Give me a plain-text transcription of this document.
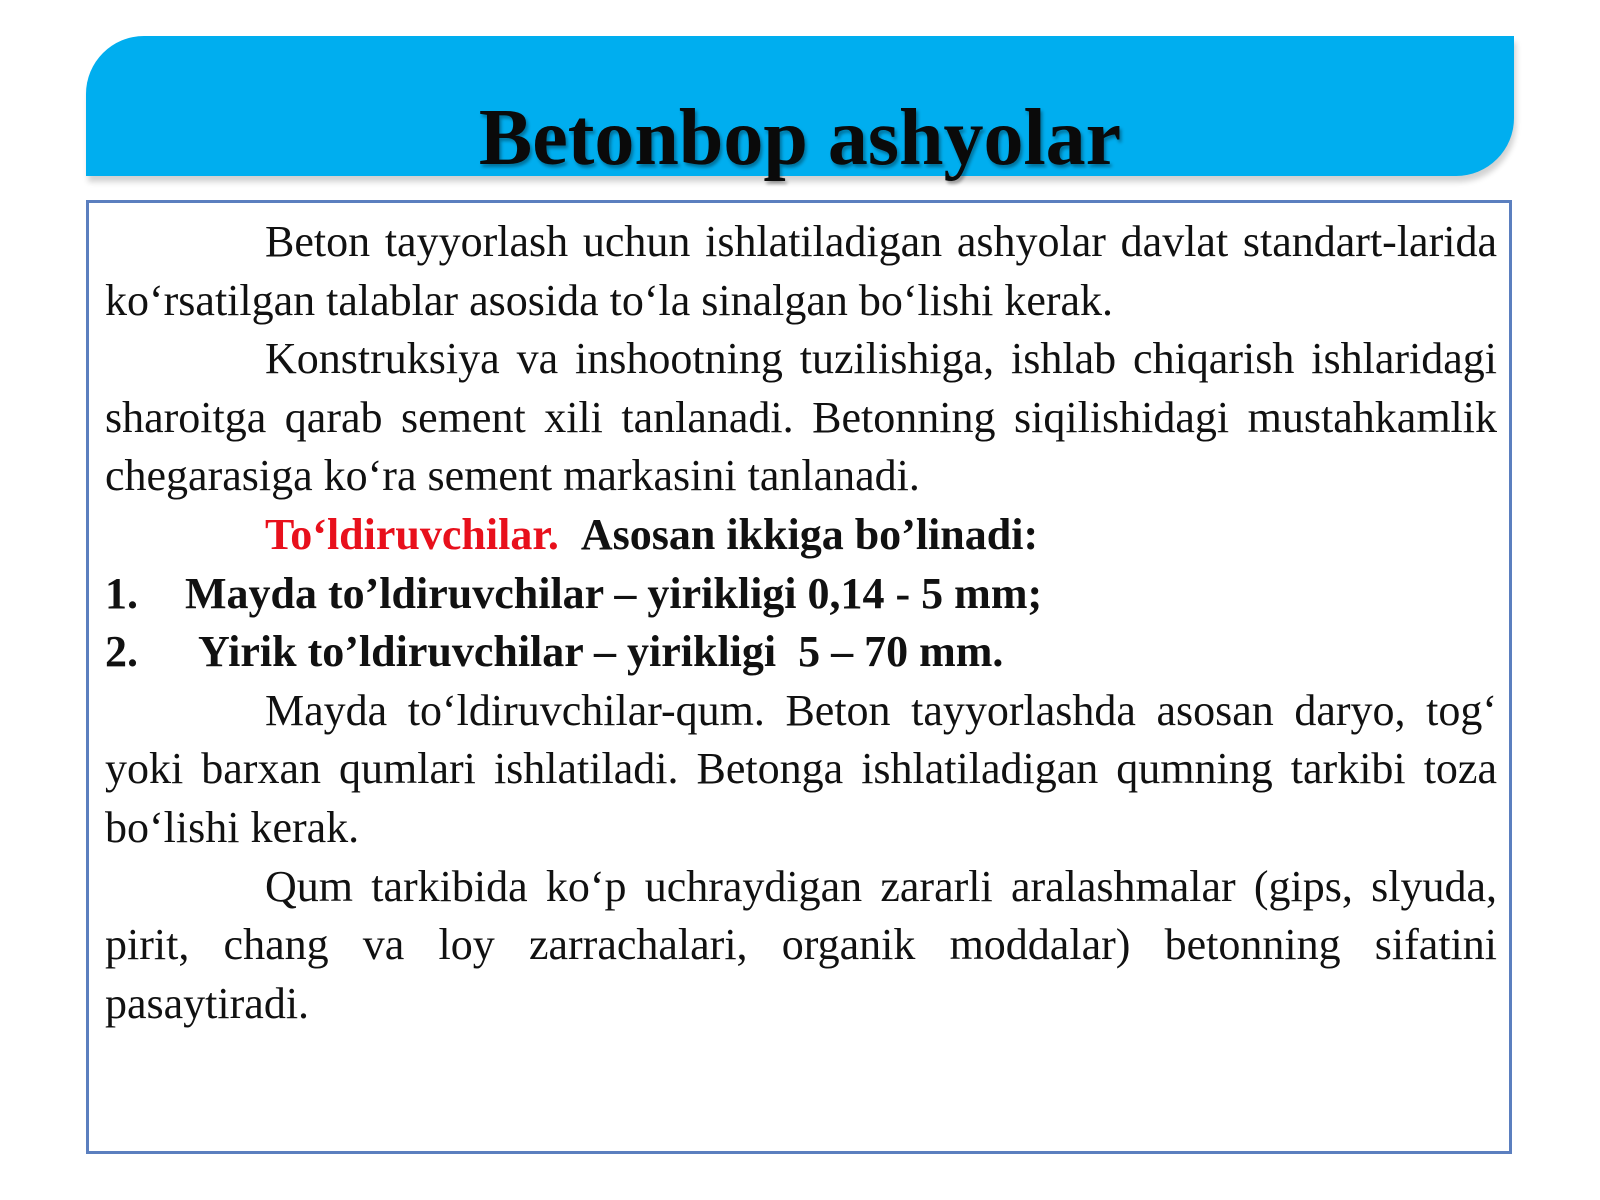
Betonbop ashyolar

Beton tayyorlash uchun ishlatiladigan ashyolar davlat standart-larida koʻrsatilgan talablar asosida toʻla sinalgan boʻlishi kerak.

Konstruksiya va inshootning tuzilishiga, ishlab chiqarish ishlaridagi sharoitga qarab sement xili tanlanadi. Betonning siqilishidagi mustahkamlik chegarasiga koʻra sement markasini tanlanadi.

Toʻldiruvchilar. Asosan ikkiga bo’linadi:

1.	Mayda to’ldiruvchilar – yirikligi 0,14 - 5 mm;

2.	Yirik to’ldiruvchilar – yirikligi  5 – 70 mm.

Mayda toʻldiruvchilar-qum. Beton tayyorlashda asosan daryo, togʻ yoki barxan qumlari ishlatiladi. Betonga ishlatiladigan qumning tarkibi toza boʻlishi kerak.

Qum tarkibida koʻp uchraydigan zararli aralashmalar (gips, slyuda, pirit, chang va loy zarrachalari, organik moddalar) betonning sifatini pasaytiradi.
